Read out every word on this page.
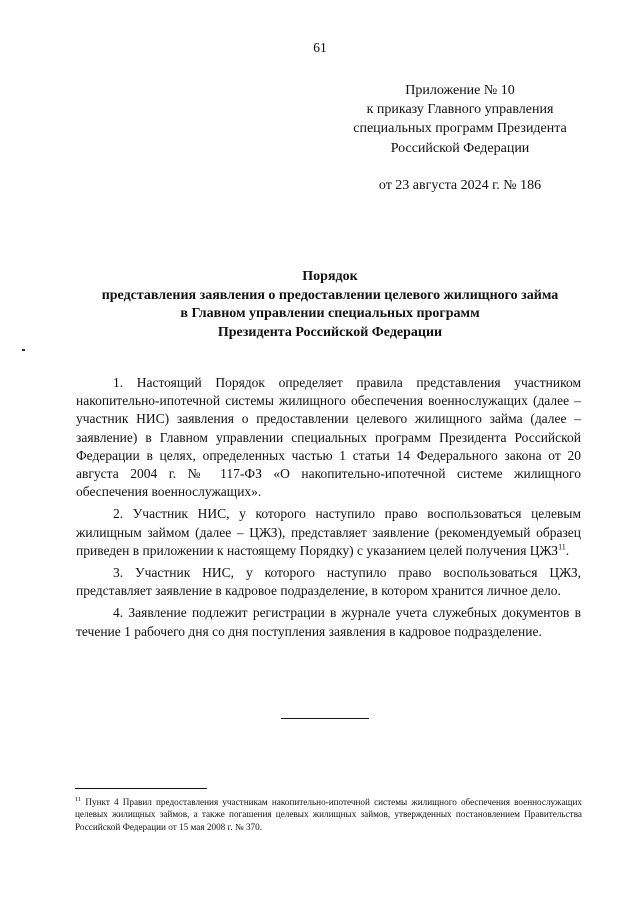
61
Приложение № 10
к приказу Главного управления
специальных программ Президента
Российской Федерации
от 23 августа 2024 г. № 186
Порядок
представления заявления о предоставлении целевого жилищного займа
в Главном управлении специальных программ
Президента Российской Федерации

1. Настоящий Порядок определяет правила представления участником накопительно-ипотечной системы жилищного обеспечения военнослужащих (далее – участник НИС) заявления о предоставлении целевого жилищного займа (далее – заявление) в Главном управлении специальных программ Президента Российской Федерации в целях, определенных частью 1 статьи 14 Федерального закона от 20 августа 2004 г. № 117-ФЗ «О накопительно-ипотечной системе жилищного обеспечения военнослужащих».

2. Участник НИС, у которого наступило право воспользоваться целевым жилищным займом (далее – ЦЖЗ), представляет заявление (рекомендуемый образец приведен в приложении к настоящему Порядку) с указанием целей получения ЦЖЗ$^{11}$.

3. Участник НИС, у которого наступило право воспользоваться ЦЖЗ, представляет заявление в кадровое подразделение, в котором хранится личное дело.

4. Заявление подлежит регистрации в журнале учета служебных документов в течение 1 рабочего дня со дня поступления заявления в кадровое подразделение.

$^{11}$ Пункт 4 Правил предоставления участникам накопительно-ипотечной системы жилищного обеспечения военнослужащих целевых жилищных займов, а также погашения целевых жилищных займов, утвержденных постановлением Правительства Российской Федерации от 15 мая 2008 г. № 370.
